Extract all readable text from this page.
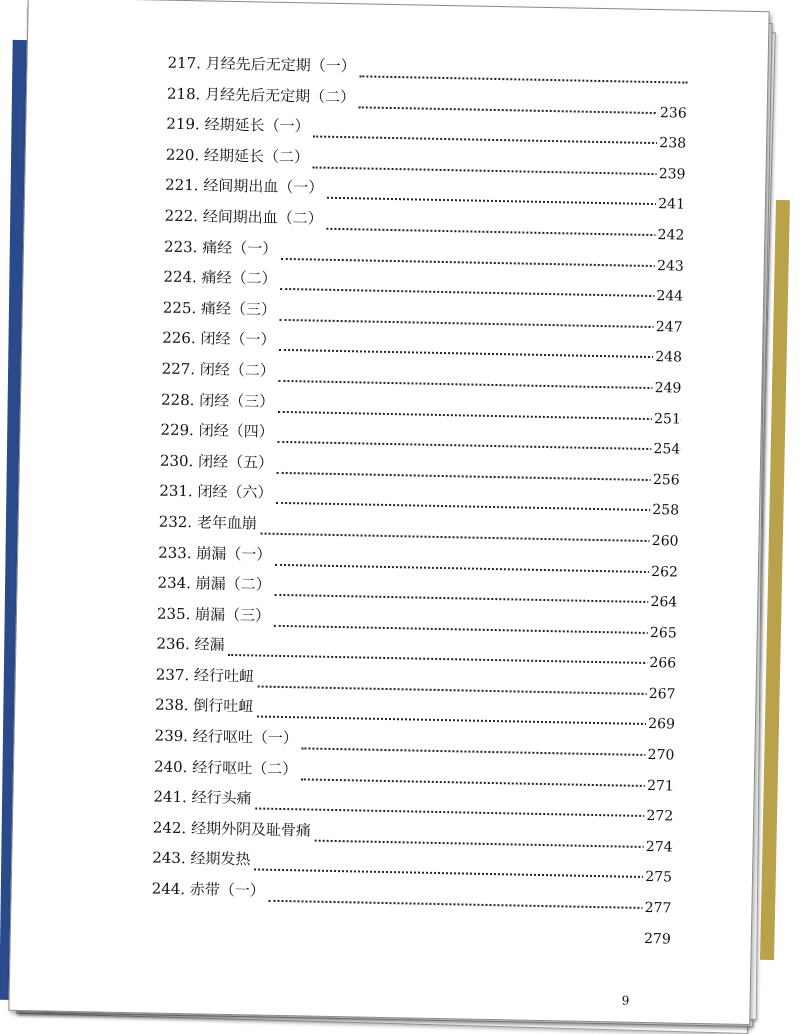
217. 月经先后无定期（一）
218. 月经先后无定期（二）
236
219. 经期延长（一）
238
220. 经期延长（二）
239
221. 经间期出血（一）
241
222. 经间期出血（二）
242
223. 痛经（一）
243
224. 痛经（二）
244
225. 痛经（三）
247
226. 闭经（一）
248
227. 闭经（二）
249
228. 闭经（三）
251
229. 闭经（四）
254
230. 闭经（五）
256
231. 闭经（六）
258
232. 老年血崩
260
233. 崩漏（一）
262
234. 崩漏（二）
264
235. 崩漏（三）
265
236. 经漏
266
237. 经行吐衄
267
238. 倒行吐衄
269
239. 经行呕吐（一）
270
240. 经行呕吐（二）
271
241. 经行头痛
272
242. 经期外阴及耻骨痛
274
243. 经期发热
275
244. 赤带（一）
277
279
9
